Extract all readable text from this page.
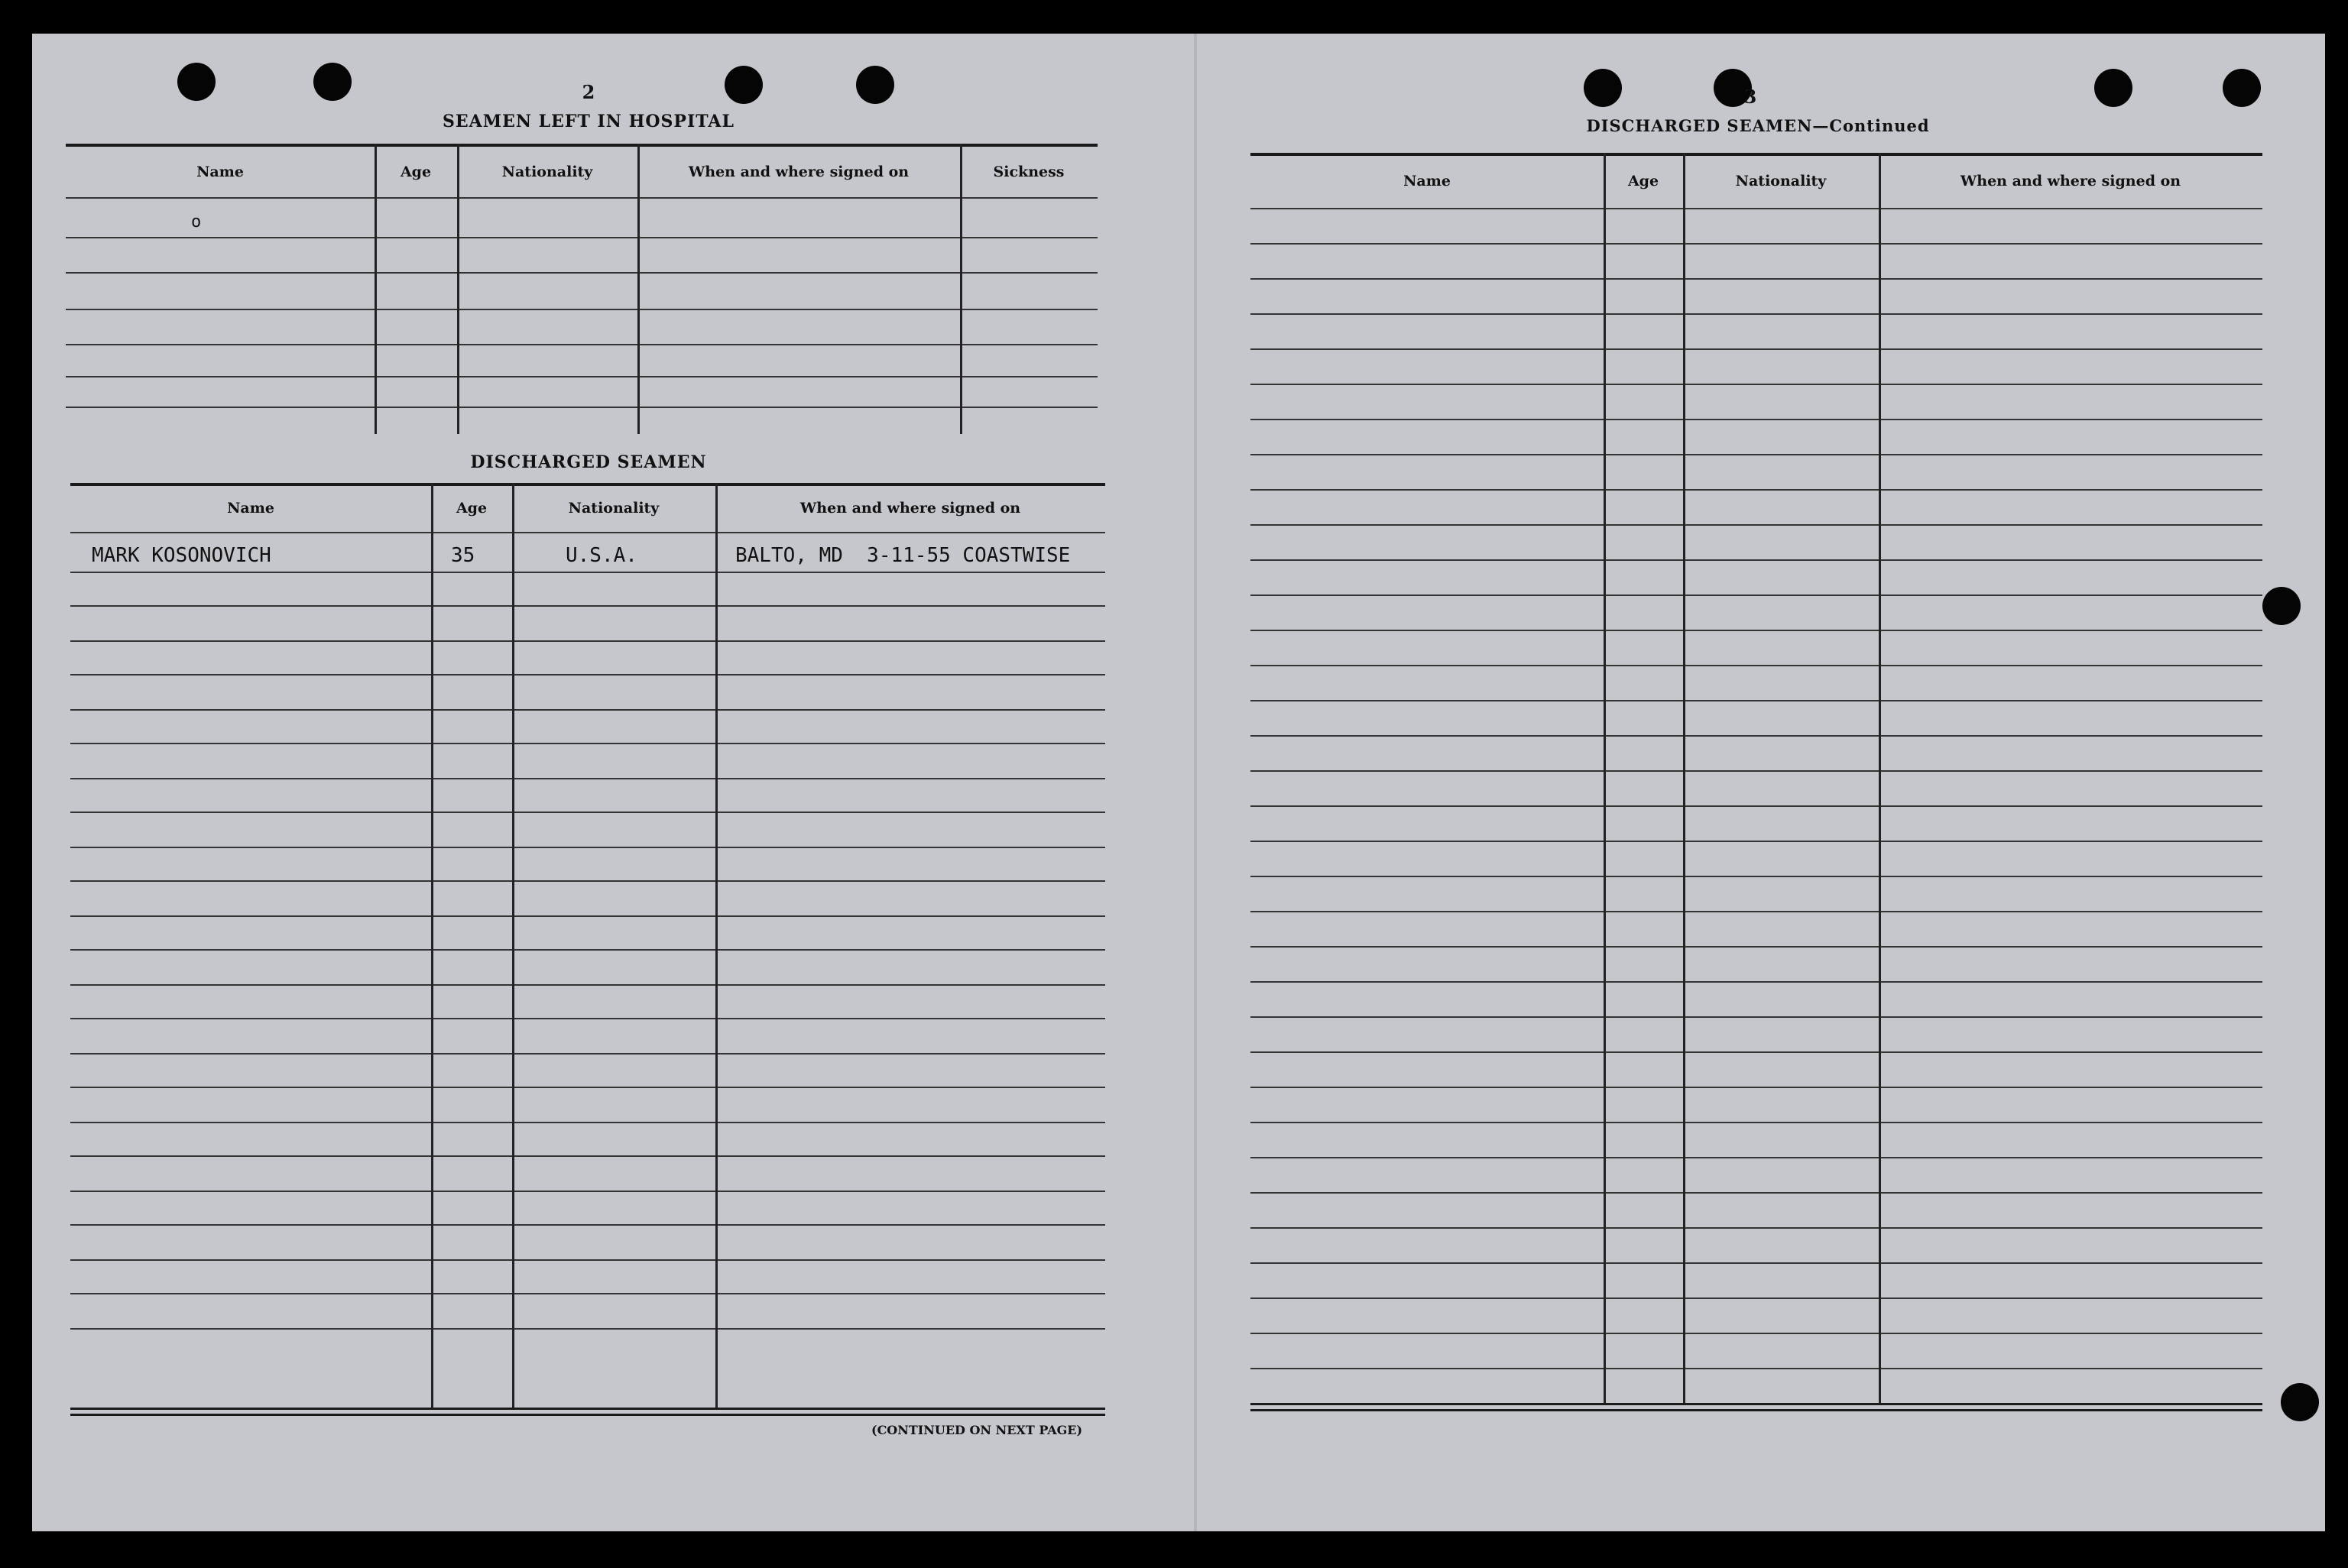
2
SEAMEN LEFT IN HOSPITAL
Name	Age	Nationality	When and where signed on	Sickness
o
DISCHARGED SEAMEN
Name	Age	Nationality	When and where signed on
MARK KOSONOVICH	35	U.S.A.	BALTO, MD  3-11-55 COASTWISE
(CONTINUED ON NEXT PAGE)
3
DISCHARGED SEAMEN—Continued
Name	Age	Nationality	When and where signed on
